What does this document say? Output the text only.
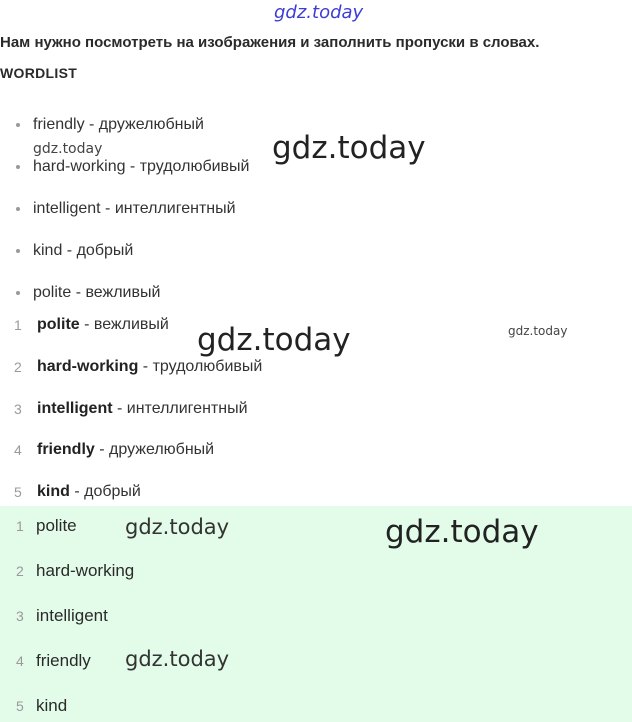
gdz.today
Нам нужно посмотреть на изображения и заполнить пропуски в словах.
WORDLIST
friendly - дружелюбный
hard-working - трудолюбивый
intelligent - интеллигентный
kind - добрый
polite - вежливый
1 polite - вежливый
2 hard-working - трудолюбивый
3 intelligent - интеллигентный
4 friendly - дружелюбный
5 kind - добрый
1 polite
2 hard-working
3 intelligent
4 friendly
5 kind
gdz.today	gdz.today
gdz.today	gdz.today
gdz.today	gdz.today
gdz.today
